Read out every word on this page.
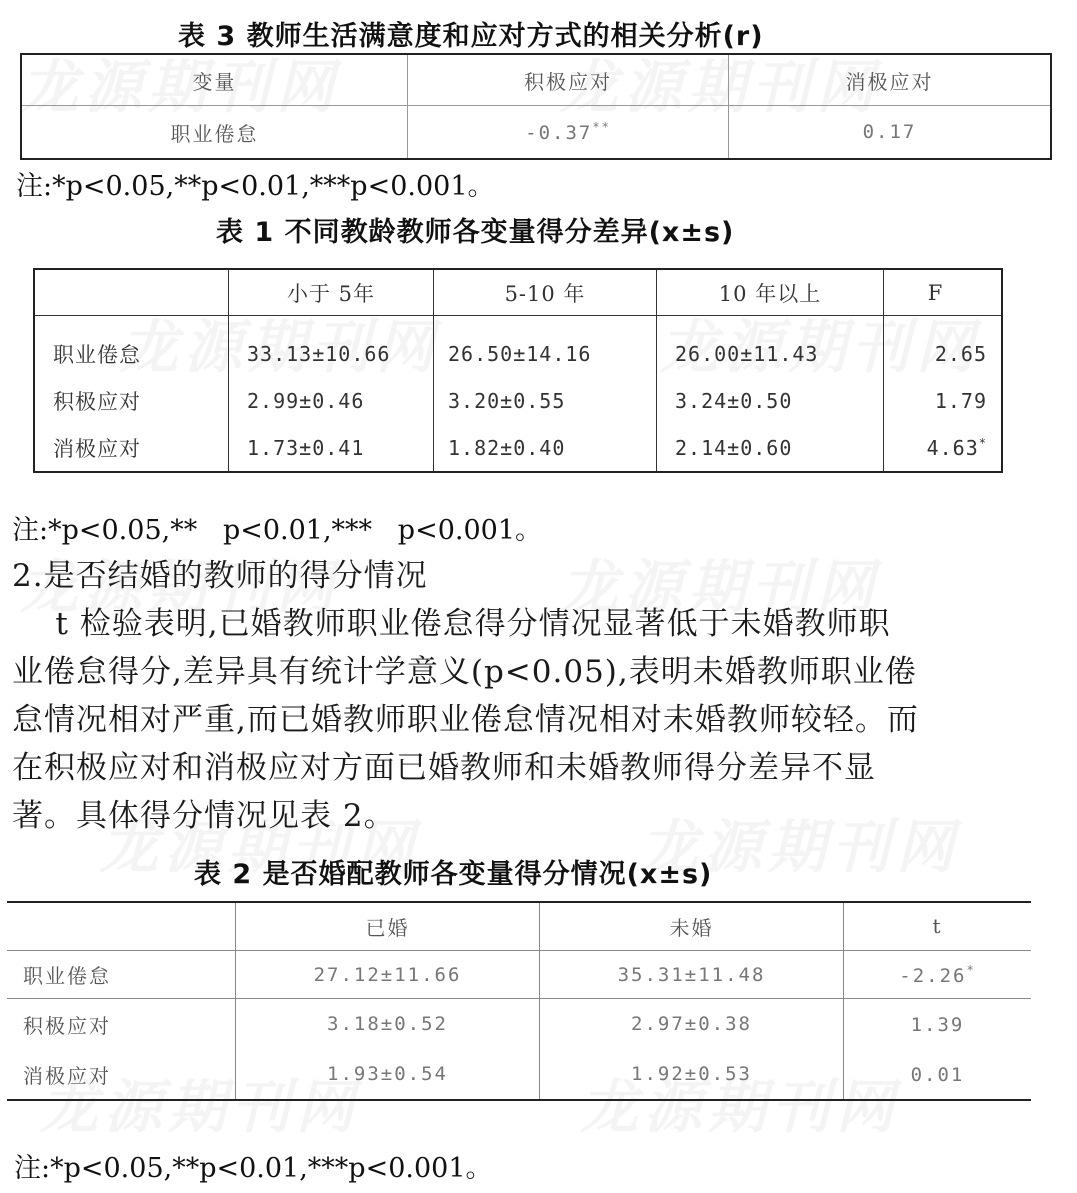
表 3 教师生活满意度和应对方式的相关分析(r)
变量	积极应对	消极应对
职业倦怠	-0.37**	0.17
注:*p<0.05,**p<0.01,***p<0.001。
表 1 不同教龄教师各变量得分差异(x±s)
	小于 5年	5-10 年	10 年以上	F
职业倦怠	33.13±10.66	26.50±14.16	26.00±11.43	2.65
积极应对	2.99±0.46	3.20±0.55	3.24±0.50	1.79
消极应对	1.73±0.41	1.82±0.40	2.14±0.60	4.63*
注:*p<0.05,**   p<0.01,***   p<0.001。
2.是否结婚的教师的得分情况
t 检验表明,已婚教师职业倦怠得分情况显著低于未婚教师职
业倦怠得分,差异具有统计学意义(p<0.05),表明未婚教师职业倦
怠情况相对严重,而已婚教师职业倦怠情况相对未婚教师较轻。而
在积极应对和消极应对方面已婚教师和未婚教师得分差异不显
著。具体得分情况见表 2。
表 2 是否婚配教师各变量得分情况(x±s)
	已婚	未婚	t
职业倦怠	27.12±11.66	35.31±11.48	-2.26*
积极应对	3.18±0.52	2.97±0.38	1.39
消极应对	1.93±0.54	1.92±0.53	0.01
注:*p<0.05,**p<0.01,***p<0.001。
